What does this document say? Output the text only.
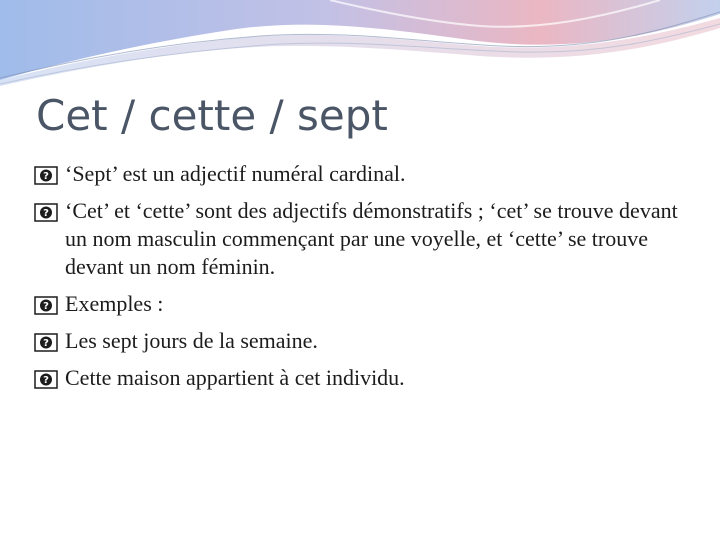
Cet / cette / sept
? ‘Sept’ est un adjectif numéral cardinal.
? ‘Cet’ et ‘cette’ sont des adjectifs démonstratifs ; ‘cet’ se trouve devant un nom masculin commençant par une voyelle, et ‘cette’ se trouve devant un nom féminin.
? Exemples :
? Les sept jours de la semaine.
? Cette maison appartient à cet individu.
